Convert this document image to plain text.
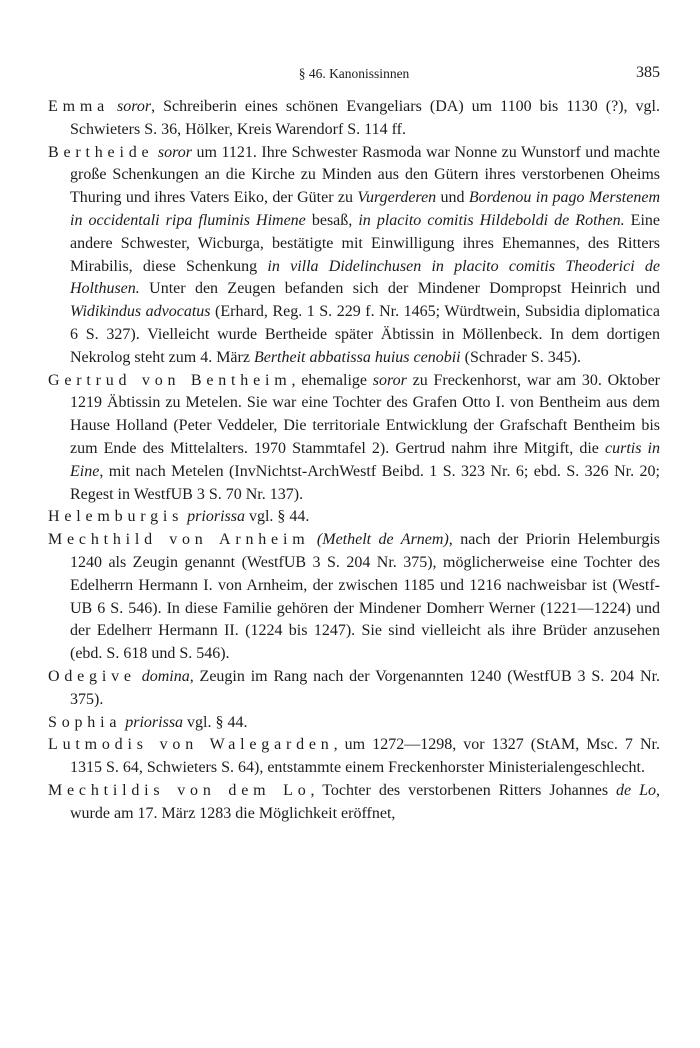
§ 46. Kanonissinnen	385

Emma soror, Schreiberin eines schönen Evangeliars (DA) um 1100 bis 1130 (?), vgl. Schwieters S. 36, Hölker, Kreis Warendorf S. 114 ff.

Bertheide soror um 1121. Ihre Schwester Rasmoda war Nonne zu Wunstorf und machte große Schenkungen an die Kirche zu Minden aus den Gütern ihres verstorbenen Oheims Thuring und ihres Vaters Eiko, der Güter zu Vurgerderen und Bordenou in pago Merstenem in occidentali ripa fluminis Himene besaß, in placito comitis Hildeboldi de Rothen. Eine andere Schwester, Wicburga, bestätigte mit Einwilligung ihres Ehemannes, des Ritters Mirabilis, diese Schenkung in villa Didelinchusen in placito comitis Theoderici de Holthusen. Unter den Zeugen befanden sich der Mindener Dompropst Heinrich und Widikindus advocatus (Erhard, Reg. 1 S. 229 f. Nr. 1465; Würdtwein, Subsidia diplomatica 6 S. 327). Vielleicht wurde Bertheide später Äbtissin in Möllenbeck. In dem dortigen Nekrolog steht zum 4. März Bertheit abbatissa huius cenobii (Schrader S. 345).

Gertrud von Bentheim, ehemalige soror zu Freckenhorst, war am 30. Oktober 1219 Äbtissin zu Metelen. Sie war eine Tochter des Grafen Otto I. von Bentheim aus dem Hause Holland (Peter Veddeler, Die territoriale Entwicklung der Grafschaft Bentheim bis zum Ende des Mittelalters. 1970 Stammtafel 2). Gertrud nahm ihre Mitgift, die curtis in Eine, mit nach Metelen (InvNichtst-ArchWestf Beibd. 1 S. 323 Nr. 6; ebd. S. 326 Nr. 20; Regest in WestfUB 3 S. 70 Nr. 137).

Helemburgis priorissa vgl. § 44.

Mechthild von Arnheim (Methelt de Arnem), nach der Priorin Helemburgis 1240 als Zeugin genannt (WestfUB 3 S. 204 Nr. 375), möglicherweise eine Tochter des Edelherrn Hermann I. von Arnheim, der zwischen 1185 und 1216 nachweisbar ist (Westf-UB 6 S. 546). In diese Familie gehören der Mindener Domherr Werner (1221—1224) und der Edelherr Hermann II. (1224 bis 1247). Sie sind vielleicht als ihre Brüder anzusehen (ebd. S. 618 und S. 546).

Odegive domina, Zeugin im Rang nach der Vorgenannten 1240 (WestfUB 3 S. 204 Nr. 375).

Sophia priorissa vgl. § 44.

Lutmodis von Walegarden, um 1272—1298, vor 1327 (StAM, Msc. 7 Nr. 1315 S. 64, Schwieters S. 64), entstammte einem Freckenhorster Ministerialengeschlecht.

Mechtildis von dem Lo, Tochter des verstorbenen Ritters Johannes de Lo, wurde am 17. März 1283 die Möglichkeit eröffnet,
